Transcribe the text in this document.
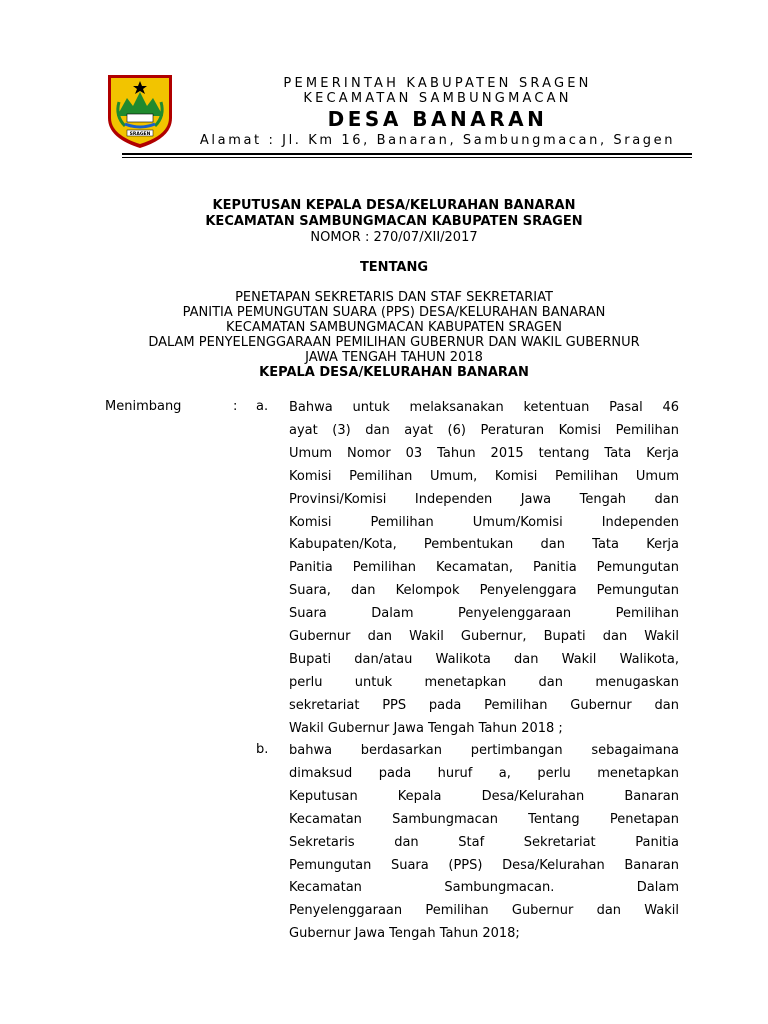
SRAGEN
PEMERINTAH KABUPATEN SRAGEN
KECAMATAN SAMBUNGMACAN
DESA BANARAN
Alamat : Jl. Km 16, Banaran, Sambungmacan, Sragen
KEPUTUSAN KEPALA DESA/KELURAHAN BANARAN
KECAMATAN SAMBUNGMACAN KABUPATEN SRAGEN
NOMOR : 270/07/XII/2017
TENTANG
PENETAPAN SEKRETARIS DAN STAF SEKRETARIAT
PANITIA PEMUNGUTAN SUARA (PPS) DESA/KELURAHAN BANARAN
KECAMATAN SAMBUNGMACAN KABUPATEN SRAGEN
DALAM PENYELENGGARAAN PEMILIHAN GUBERNUR DAN WAKIL GUBERNUR
JAWA TENGAH TAHUN 2018
KEPALA DESA/KELURAHAN BANARAN
Menimbang	: a. Bahwa untuk melaksanakan ketentuan Pasal 46
ayat (3) dan ayat (6) Peraturan Komisi Pemilihan
Umum Nomor 03 Tahun 2015 tentang Tata Kerja
Komisi Pemilihan Umum, Komisi Pemilihan Umum
Provinsi/Komisi Independen Jawa Tengah dan
Komisi Pemilihan Umum/Komisi Independen
Kabupaten/Kota, Pembentukan dan Tata Kerja
Panitia Pemilihan Kecamatan, Panitia Pemungutan
Suara, dan Kelompok Penyelenggara Pemungutan
Suara Dalam Penyelenggaraan Pemilihan
Gubernur dan Wakil Gubernur, Bupati dan Wakil
Bupati dan/atau Walikota dan Wakil Walikota,
perlu untuk menetapkan dan menugaskan
sekretariat PPS pada Pemilihan Gubernur dan
Wakil Gubernur Jawa Tengah Tahun 2018 ;
b. bahwa berdasarkan pertimbangan sebagaimana
dimaksud pada huruf a, perlu menetapkan
Keputusan Kepala Desa/Kelurahan Banaran
Kecamatan Sambungmacan Tentang Penetapan
Sekretaris dan Staf Sekretariat Panitia
Pemungutan Suara (PPS) Desa/Kelurahan Banaran
Kecamatan Sambungmacan. Dalam
Penyelenggaraan Pemilihan Gubernur dan Wakil
Gubernur Jawa Tengah Tahun 2018;
